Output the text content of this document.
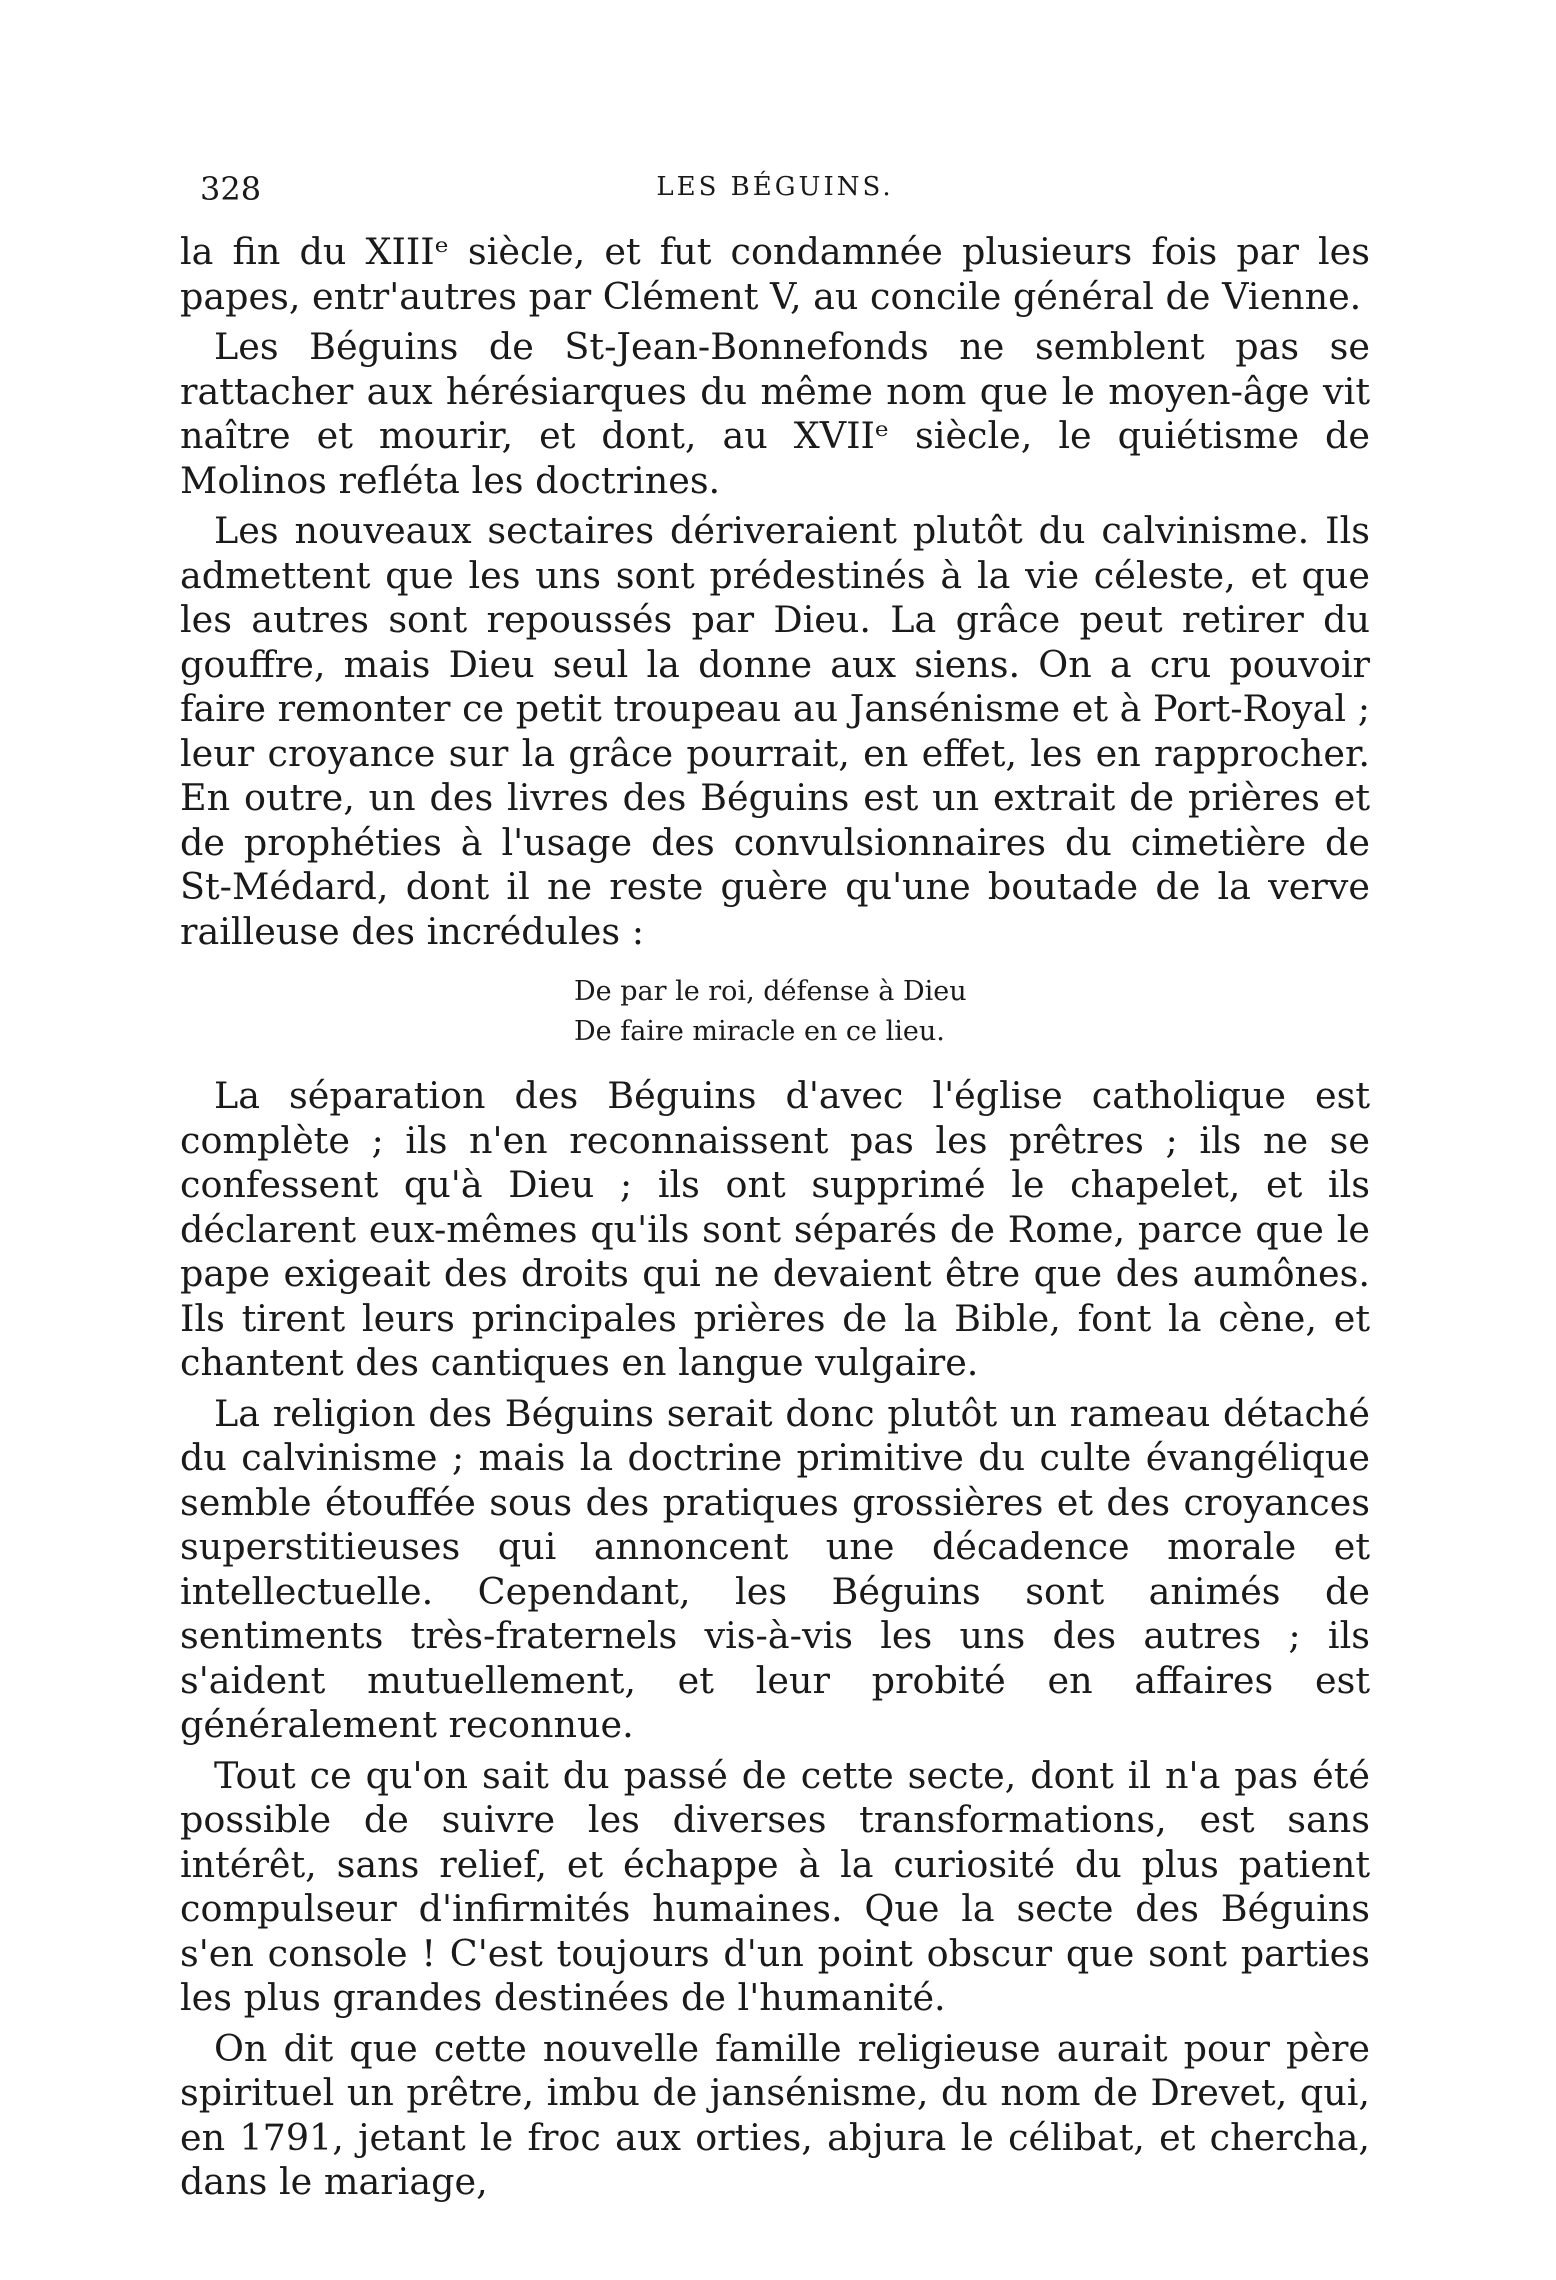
328	LES BÉGUINS.

la fin du XIIIᵉ siècle, et fut condamnée plusieurs fois par les papes, entr'autres par Clément V, au concile général de Vienne.

Les Béguins de St-Jean-Bonnefonds ne semblent pas se rattacher aux hérésiarques du même nom que le moyen-âge vit naître et mourir, et dont, au XVIIᵉ siècle, le quiétisme de Molinos refléta les doctrines.

Les nouveaux sectaires dériveraient plutôt du calvinisme. Ils admettent que les uns sont prédestinés à la vie céleste, et que les autres sont repoussés par Dieu. La grâce peut retirer du gouffre, mais Dieu seul la donne aux siens. On a cru pouvoir faire remonter ce petit troupeau au Jansénisme et à Port-Royal ; leur croyance sur la grâce pourrait, en effet, les en rapprocher. En outre, un des livres des Béguins est un extrait de prières et de prophéties à l'usage des convulsionnaires du cimetière de St-Médard, dont il ne reste guère qu'une boutade de la verve railleuse des incrédules :

De par le roi, défense à Dieu
De faire miracle en ce lieu.

La séparation des Béguins d'avec l'église catholique est complète ; ils n'en reconnaissent pas les prêtres ; ils ne se confessent qu'à Dieu ; ils ont supprimé le chapelet, et ils déclarent eux-mêmes qu'ils sont séparés de Rome, parce que le pape exigeait des droits qui ne devaient être que des aumônes. Ils tirent leurs principales prières de la Bible, font la cène, et chantent des cantiques en langue vulgaire.

La religion des Béguins serait donc plutôt un rameau détaché du calvinisme ; mais la doctrine primitive du culte évangélique semble étouffée sous des pratiques grossières et des croyances superstitieuses qui annoncent une décadence morale et intellectuelle. Cependant, les Béguins sont animés de sentiments très-fraternels vis-à-vis les uns des autres ; ils s'aident mutuellement, et leur probité en affaires est généralement reconnue.

Tout ce qu'on sait du passé de cette secte, dont il n'a pas été possible de suivre les diverses transformations, est sans intérêt, sans relief, et échappe à la curiosité du plus patient compulseur d'infirmités humaines. Que la secte des Béguins s'en console ! C'est toujours d'un point obscur que sont parties les plus grandes destinées de l'humanité.

On dit que cette nouvelle famille religieuse aurait pour père spirituel un prêtre, imbu de jansénisme, du nom de Drevet, qui, en 1791, jetant le froc aux orties, abjura le célibat, et chercha, dans le mariage,
